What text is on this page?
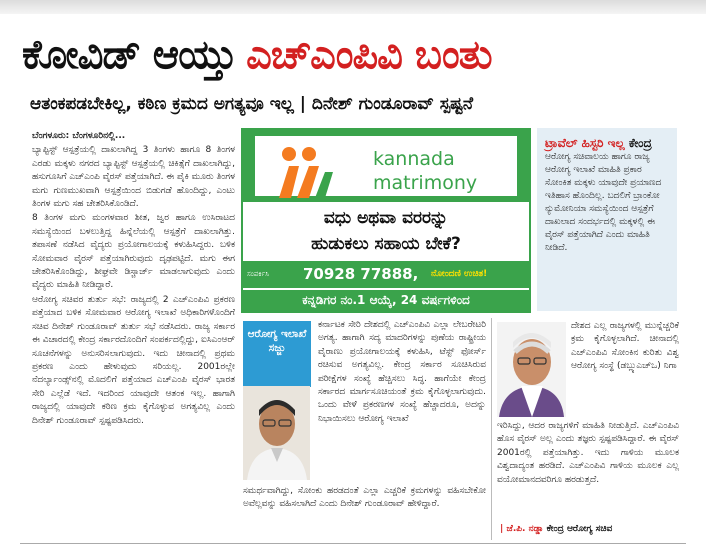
ಕೋವಿಡ್ ಆಯ್ತು ಎಚ್‌ಎಂಪಿವಿ ಬಂತು
ಆತಂಕಪಡಬೇಕಿಲ್ಲ, ಕಠಿಣ ಕ್ರಮದ ಅಗತ್ಯವೂ ಇಲ್ಲ | ದಿನೇಶ್ ಗುಂಡೂರಾವ್ ಸ್ಪಷ್ಟನೆ

ಬೆಂಗಳೂರು: ಬೆಂಗಳೂರಿನಲ್ಲಿ...

ಬ್ಯಾಪ್ಟಿಸ್ಟ್ ಆಸ್ಪತ್ರೆಯಲ್ಲಿ ದಾಖಲಾಗಿದ್ದ 3 ತಿಂಗಳು ಹಾಗೂ 8 ತಿಂಗಳ ಎರಡು ಮಕ್ಕಳು ನಗರದ ಬ್ಯಾಪ್ಟಿಸ್ಟ್ ಆಸ್ಪತ್ರೆಯಲ್ಲಿ ಚಿಕಿತ್ಸೆಗೆ ದಾಖಲಾಗಿದ್ದು, ಹಸುಗೂಸಿಗೆ ಎಚ್‌ಎಂಪಿ ವೈರಸ್ ಪತ್ತೆಯಾಗಿದೆ. ಈ ಪೈಕಿ ಮೂರು ತಿಂಗಳ ಮಗು ಗುಣಮುಖವಾಗಿ ಆಸ್ಪತ್ರೆಯಿಂದ ಬಿಡುಗಡೆ ಹೊಂದಿದ್ದು, ಎಂಟು ತಿಂಗಳ ಮಗು ಸಹ ಚೇತರಿಸಿಕೊಂಡಿದೆ.

8 ತಿಂಗಳ ಮಗು ಮಂಗಳವಾರ ಶೀತ, ಜ್ವರ ಹಾಗೂ ಉಸಿರಾಟದ ಸಮಸ್ಯೆಯಿಂದ ಬಳಲುತ್ತಿದ್ದ ಹಿನ್ನೆಲೆಯಲ್ಲಿ ಆಸ್ಪತ್ರೆಗೆ ದಾಖಲಾಗಿತ್ತು. ತಪಾಸಣೆ ನಡೆಸಿದ ವೈದ್ಯರು ಪ್ರಯೋಗಾಲಯಕ್ಕೆ ಕಳುಹಿಸಿದ್ದರು. ಬಳಿಕ ಸೋಮವಾರ ವೈರಸ್ ಪತ್ತೆಯಾಗಿರುವುದು ದೃಢಪಟ್ಟಿದೆ. ಮಗು ಈಗ ಚೇತರಿಸಿಕೊಂಡಿದ್ದು, ಶೀಘ್ರವೇ ಡಿಸ್ಚಾರ್ಜ್ ಮಾಡಲಾಗುವುದು ಎಂದು ವೈದ್ಯರು ಮಾಹಿತಿ ನೀಡಿದ್ದಾರೆ.

ಆರೋಗ್ಯ ಸಚಿವರ ತುರ್ತು ಸಭೆ: ರಾಜ್ಯದಲ್ಲಿ 2 ಎಚ್‌ಎಂಪಿವಿ ಪ್ರಕರಣ ಪತ್ತೆಯಾದ ಬಳಿಕ ಸೋಮವಾರ ಆರೋಗ್ಯ ಇಲಾಖೆ ಅಧಿಕಾರಿಗಳೊಂದಿಗೆ ಸಚಿವ ದಿನೇಶ್ ಗುಂಡೂರಾವ್ ತುರ್ತು ಸಭೆ ನಡೆಸಿದರು. ರಾಜ್ಯ ಸರ್ಕಾರ ಈ ವಿಚಾರದಲ್ಲಿ ಕೇಂದ್ರ ಸರ್ಕಾರದೊಂದಿಗೆ ಸಂಪರ್ಕದಲ್ಲಿದ್ದು, ಐಸಿಎಂಆರ್ ಸೂಚನೆಗಳನ್ನು ಅನುಸರಿಸಲಾಗುವುದು. ಇದು ಚೀನಾದಲ್ಲಿ ಪ್ರಥಮ ಪ್ರಕರಣ ಎಂದು ಹೇಳುವುದು ಸರಿಯಲ್ಲ. 2001ರಲ್ಲೇ ನೆದರ್ಲ್ಯಾಂಡ್ಸ್‌ನಲ್ಲಿ ಮೊದಲಿಗೆ ಪತ್ತೆಯಾದ ಎಚ್‌ಎಂಪಿ ವೈರಸ್ ಭಾರತ ಸೇರಿ ಎಲ್ಲೆಡೆ ಇದೆ. ಇದರಿಂದ ಯಾವುದೇ ಆತಂಕ ಇಲ್ಲ. ಹಾಗಾಗಿ ರಾಜ್ಯದಲ್ಲಿ ಯಾವುದೇ ಕಠಿಣ ಕ್ರಮ ಕೈಗೊಳ್ಳುವ ಅಗತ್ಯವಿಲ್ಲ ಎಂದು ದಿನೇಶ್ ಗುಂಡೂರಾವ್ ಸ್ಪಷ್ಟಪಡಿಸಿದರು.

kannada
matrimony
ವಧು ಅಥವಾ ವರರನ್ನು
ಹುಡುಕಲು ಸಹಾಯ ಬೇಕೆ?
ಸಂಪರ್ಕಿಸಿ 70928 77888, ನೋಂದಣಿ ಉಚಿತ!
ಕನ್ನಡಿಗರ ನಂ.1 ಆಯ್ಕೆ, 24 ವರ್ಷಗಳಿಂದ
ಟ್ರಾವೆಲ್ ಹಿಸ್ಟರಿ ಇಲ್ಲ ಕೇಂದ್ರ
ಆರೋಗ್ಯ ಸಚಿವಾಲಯ ಹಾಗೂ ರಾಜ್ಯ ಆರೋಗ್ಯ ಇಲಾಖೆ ಮಾಹಿತಿ ಪ್ರಕಾರ ಸೋಂಕಿತ ಮಕ್ಕಳು ಯಾವುದೇ ಪ್ರಯಾಣದ ಇತಿಹಾಸ ಹೊಂದಿಲ್ಲ. ಬದಲಿಗೆ ಬ್ರಾಂಕೋ ನ್ಯುಮೋನಿಯಾ ಸಮಸ್ಯೆಯಿಂದ ಆಸ್ಪತ್ರೆಗೆ ದಾಖಲಾದ ಸಂದರ್ಭದಲ್ಲಿ ಮಕ್ಕಳಲ್ಲಿ ಈ ವೈರಸ್ ಪತ್ತೆಯಾಗಿದೆ ಎಂದು ಮಾಹಿತಿ ನೀಡಿದೆ.
ಆರೋಗ್ಯ ಇಲಾಖೆ ಸಜ್ಜು
ಕರ್ನಾಟಕ ಸೇರಿ ದೇಶದಲ್ಲಿ ಎಚ್‌ಎಂಪಿವಿ ಎಲ್ಲಾ ಲೇಬರೇಟರಿ ಅಗತ್ಯ. ಹಾಗಾಗಿ ಸದ್ಯ ಮಾದರಿಗಳನ್ನು ಪುಣೆಯ ರಾಷ್ಟ್ರೀಯ ವೈರಾಣು ಪ್ರಯೋಗಾಲಯಕ್ಕೆ ಕಳುಹಿಸಿ, ಟೆಸ್ಟ್ ಫೋರ್ಸ್ ರಚಿಸುವ ಅಗತ್ಯವಿಲ್ಲ. ಕೇಂದ್ರ ಸರ್ಕಾರ ಸೂಚಿಸಿರುವ ಪರೀಕ್ಷೆಗಳ ಸಂಖ್ಯೆ ಹೆಚ್ಚಿಸಲು ಸಿದ್ಧ. ಹಾಗೆಯೇ ಕೇಂದ್ರ ಸರ್ಕಾರದ ಮಾರ್ಗಸೂಚಿಯಂತೆ ಕ್ರಮ ಕೈಗೊಳ್ಳಲಾಗುವುದು. ಒಂದು ವೇಳೆ ಪ್ರಕರಣಗಳ ಸಂಖ್ಯೆ ಹೆಚ್ಚಾದರೂ, ಅದನ್ನು ನಿಭಾಯಿಸಲು ಆರೋಗ್ಯ ಇಲಾಖೆ
ಸಮರ್ಥವಾಗಿದ್ದು, ಸೋಂಕು ಹರಡದಂತೆ ಎಲ್ಲಾ ಎಚ್ಚರಿಕೆ ಕ್ರಮಗಳನ್ನು ವಹಿಸಬೇಕೋ ಅವೆಲ್ಲವನ್ನು ವಹಿಸಲಾಗಿದೆ ಎಂದು ದಿನೇಶ್ ಗುಂಡೂರಾವ್ ಹೇಳಿದ್ದಾರೆ.
ದೇಶದ ಎಲ್ಲ ರಾಜ್ಯಗಳಲ್ಲಿ ಮುನ್ನೆಚ್ಚರಿಕೆ ಕ್ರಮ ಕೈಗೊಳ್ಳಲಾಗಿದೆ. ಚೀನಾದಲ್ಲಿ ಎಚ್‌ಎಂಪಿವಿ ಸೋಂಕಿನ ಕುರಿತು ವಿಶ್ವ ಆರೋಗ್ಯ ಸಂಸ್ಥೆ (ಡಬ್ಲ್ಯುಎಚ್‌ಒ) ನಿಗಾ
ಇರಿಸಿದ್ದು, ಆದರ ರಾಜ್ಯಗಳಿಗೆ ಮಾಹಿತಿ ನೀಡುತ್ತಿದೆ. ಎಚ್‌ಎಂಪಿವಿ ಹೊಸ ವೈರಸ್ ಅಲ್ಲ ಎಂದು ತಜ್ಞರು ಸ್ಪಷ್ಟಪಡಿಸಿದ್ದಾರೆ. ಈ ವೈರಸ್ 2001ರಲ್ಲಿ ಪತ್ತೆಯಾಗಿತ್ತು. ಇದು ಗಾಳಿಯ ಮೂಲಕ ವಿಶ್ವದಾದ್ಯಂತ ಹರಡಿದೆ. ಎಚ್‌ಎಂಪಿವಿ ಗಾಳಿಯ ಮೂಲಕ ಎಲ್ಲ ವಯೋಮಾನದವರಿಗೂ ಹರಡುತ್ತದೆ.
| ಜೆ.ಪಿ. ನಡ್ಡಾ ಕೇಂದ್ರ ಆರೋಗ್ಯ ಸಚಿವ
